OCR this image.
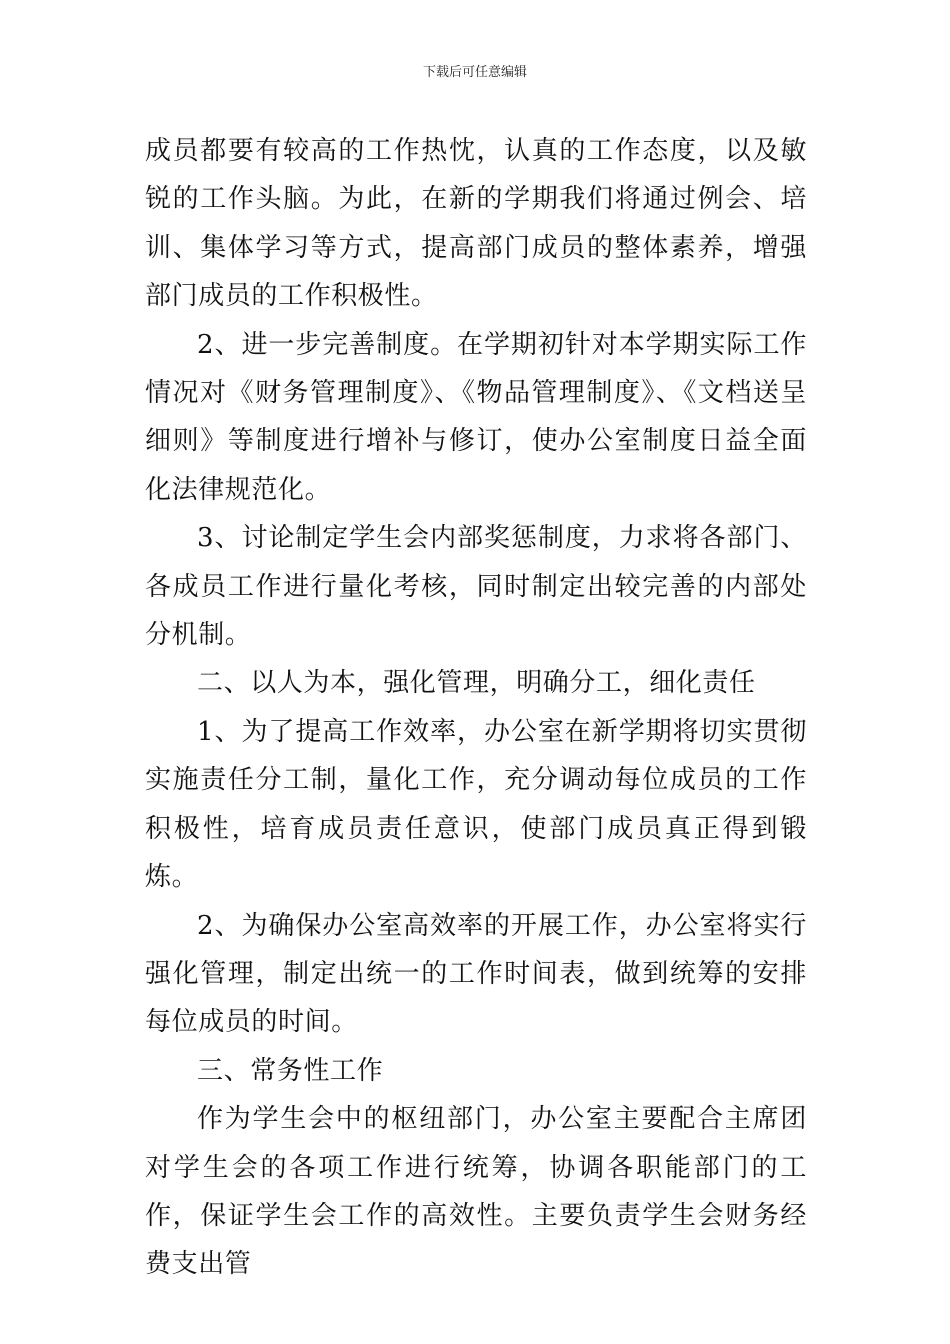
下载后可任意编辑

成员都要有较高的工作热忱，认真的工作态度，以及敏锐的工作头脑。为此，在新的学期我们将通过例会、培训、集体学习等方式，提高部门成员的整体素养，增强部门成员的工作积极性。

2、进一步完善制度。在学期初针对本学期实际工作情况对《财务管理制度》、《物品管理制度》、《文档送呈细则》等制度进行增补与修订，使办公室制度日益全面化法律规范化。

3、讨论制定学生会内部奖惩制度，力求将各部门、各成员工作进行量化考核，同时制定出较完善的内部处分机制。

二、以人为本，强化管理，明确分工，细化责任

1、为了提高工作效率，办公室在新学期将切实贯彻实施责任分工制，量化工作，充分调动每位成员的工作积极性，培育成员责任意识，使部门成员真正得到锻炼。

2、为确保办公室高效率的开展工作，办公室将实行强化管理，制定出统一的工作时间表，做到统筹的安排每位成员的时间。

三、常务性工作

作为学生会中的枢纽部门，办公室主要配合主席团对学生会的各项工作进行统筹，协调各职能部门的工作，保证学生会工作的高效性。主要负责学生会财务经费支出管
